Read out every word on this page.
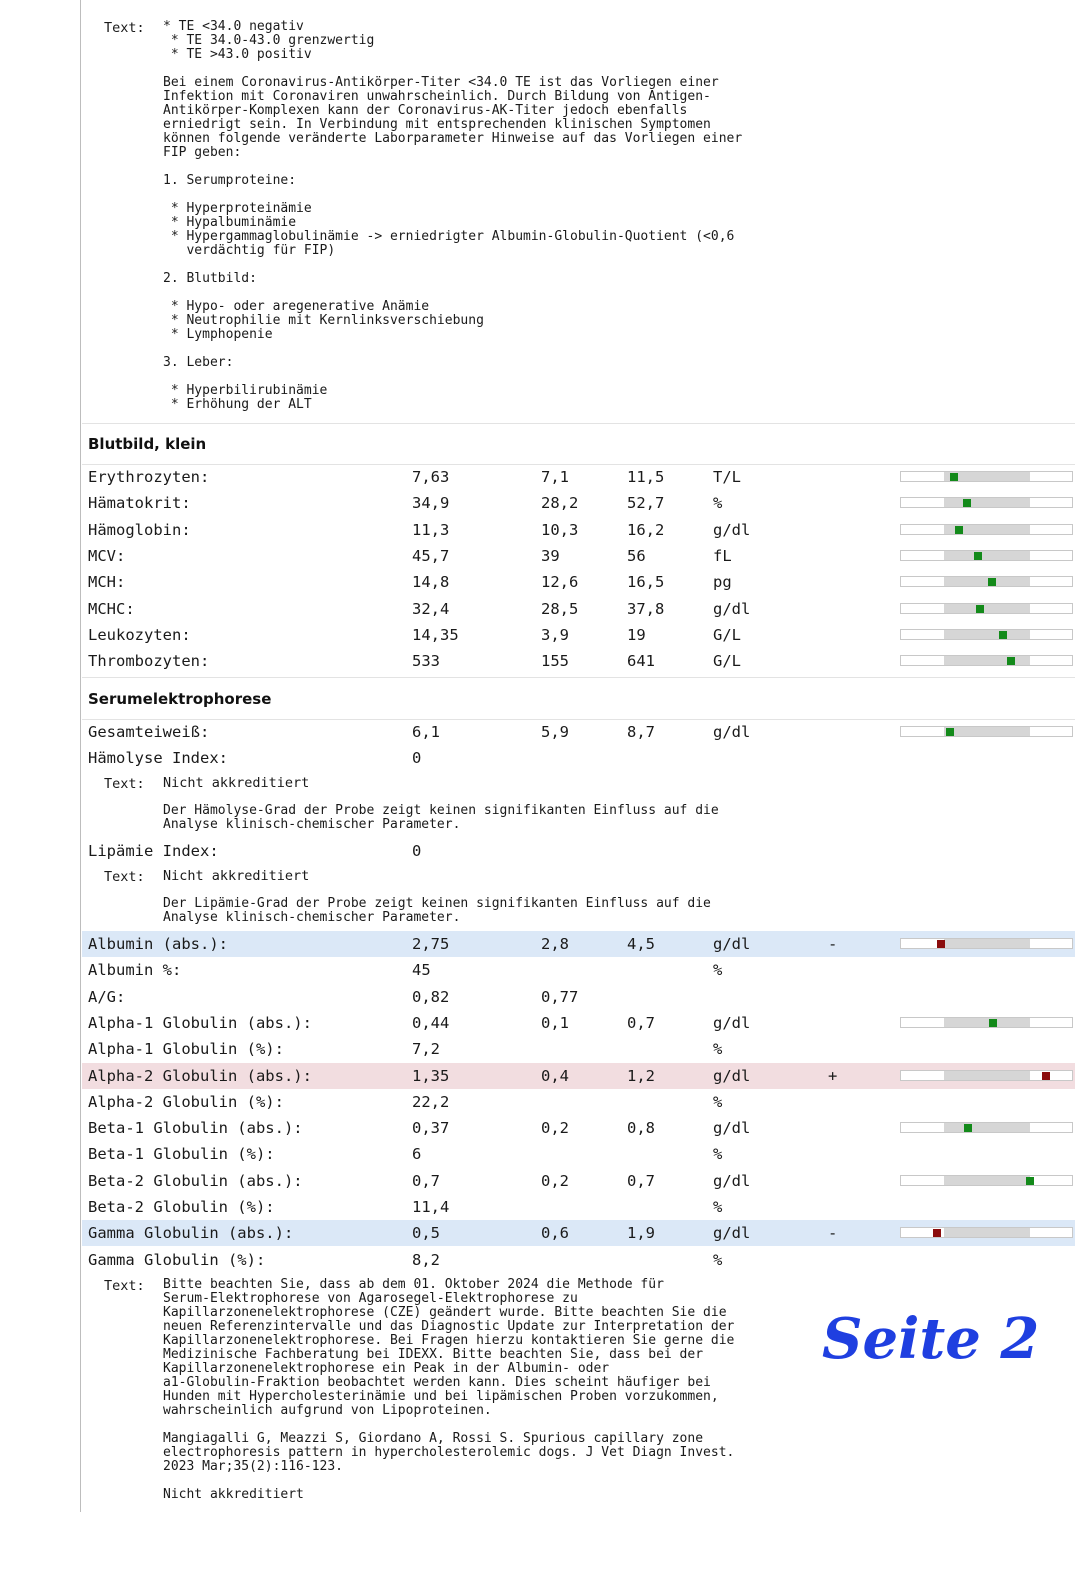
Text: * TE <34.0 negativ
* TE 34.0-43.0 grenzwertig
* TE >43.0 positiv

Bei einem Coronavirus-Antikörper-Titer <34.0 TE ist das Vorliegen einer
Infektion mit Coronaviren unwahrscheinlich. Durch Bildung von Antigen-
Antikörper-Komplexen kann der Coronavirus-AK-Titer jedoch ebenfalls
erniedrigt sein. In Verbindung mit entsprechenden klinischen Symptomen
können folgende veränderte Laborparameter Hinweise auf das Vorliegen einer
FIP geben:

1. Serumproteine:

* Hyperproteinämie
* Hypalbuminämie
* Hypergammaglobulinämie -> erniedrigter Albumin-Globulin-Quotient (<0,6
verdächtig für FIP)

2. Blutbild:

* Hypo- oder aregenerative Anämie
* Neutrophilie mit Kernlinksverschiebung
* Lymphopenie

3. Leber:

* Hyperbilirubinämie
* Erhöhung der ALT
Blutbild, klein
Erythrozyten:	7,63	7,1	11,5	T/L
Hämatokrit:	34,9	28,2	52,7	%
Hämoglobin:	11,3	10,3	16,2	g/dl
MCV:	45,7	39	56	fL
MCH:	14,8	12,6	16,5	pg
MCHC:	32,4	28,5	37,8	g/dl
Leukozyten:	14,35	3,9	19	G/L
Thrombozyten:	533	155	641	G/L
Serumelektrophorese
Gesamteiweiß:	6,1	5,9	8,7	g/dl
Hämolyse Index:	0
Text: Nicht akkreditiert
Der Hämolyse-Grad der Probe zeigt keinen signifikanten Einfluss auf die
Analyse klinisch-chemischer Parameter.
Lipämie Index:	0
Text: Nicht akkreditiert
Der Lipämie-Grad der Probe zeigt keinen signifikanten Einfluss auf die
Analyse klinisch-chemischer Parameter.
Albumin (abs.):	2,75	2,8	4,5	g/dl	-
Albumin %:	45	%
A/G:	0,82	0,77
Alpha-1 Globulin (abs.):	0,44	0,1	0,7	g/dl
Alpha-1 Globulin (%):	7,2	%
Alpha-2 Globulin (abs.):	1,35	0,4	1,2	g/dl	+
Alpha-2 Globulin (%):	22,2	%
Beta-1 Globulin (abs.):	0,37	0,2	0,8	g/dl
Beta-1 Globulin (%):	6	%
Beta-2 Globulin (abs.):	0,7	0,2	0,7	g/dl
Beta-2 Globulin (%):	11,4	%
Gamma Globulin (abs.):	0,5	0,6	1,9	g/dl	-
Gamma Globulin (%):	8,2	%
Text: Bitte beachten Sie, dass ab dem 01. Oktober 2024 die Methode für
Serum-Elektrophorese von Agarosegel-Elektrophorese zu
Kapillarzonenelektrophorese (CZE) geändert wurde. Bitte beachten Sie die
neuen Referenzintervalle und das Diagnostic Update zur Interpretation der
Kapillarzonenelektrophorese. Bei Fragen hierzu kontaktieren Sie gerne die
Medizinische Fachberatung bei IDEXX. Bitte beachten Sie, dass bei der
Kapillarzonenelektrophorese ein Peak in der Albumin- oder
a1-Globulin-Fraktion beobachtet werden kann. Dies scheint häufiger bei
Hunden mit Hypercholesterinämie und bei lipämischen Proben vorzukommen,
wahrscheinlich aufgrund von Lipoproteinen.

Mangiagalli G, Meazzi S, Giordano A, Rossi S. Spurious capillary zone
electrophoresis pattern in hypercholesterolemic dogs. J Vet Diagn Invest.
2023 Mar;35(2):116-123.

Nicht akkreditiert
Seite 2
